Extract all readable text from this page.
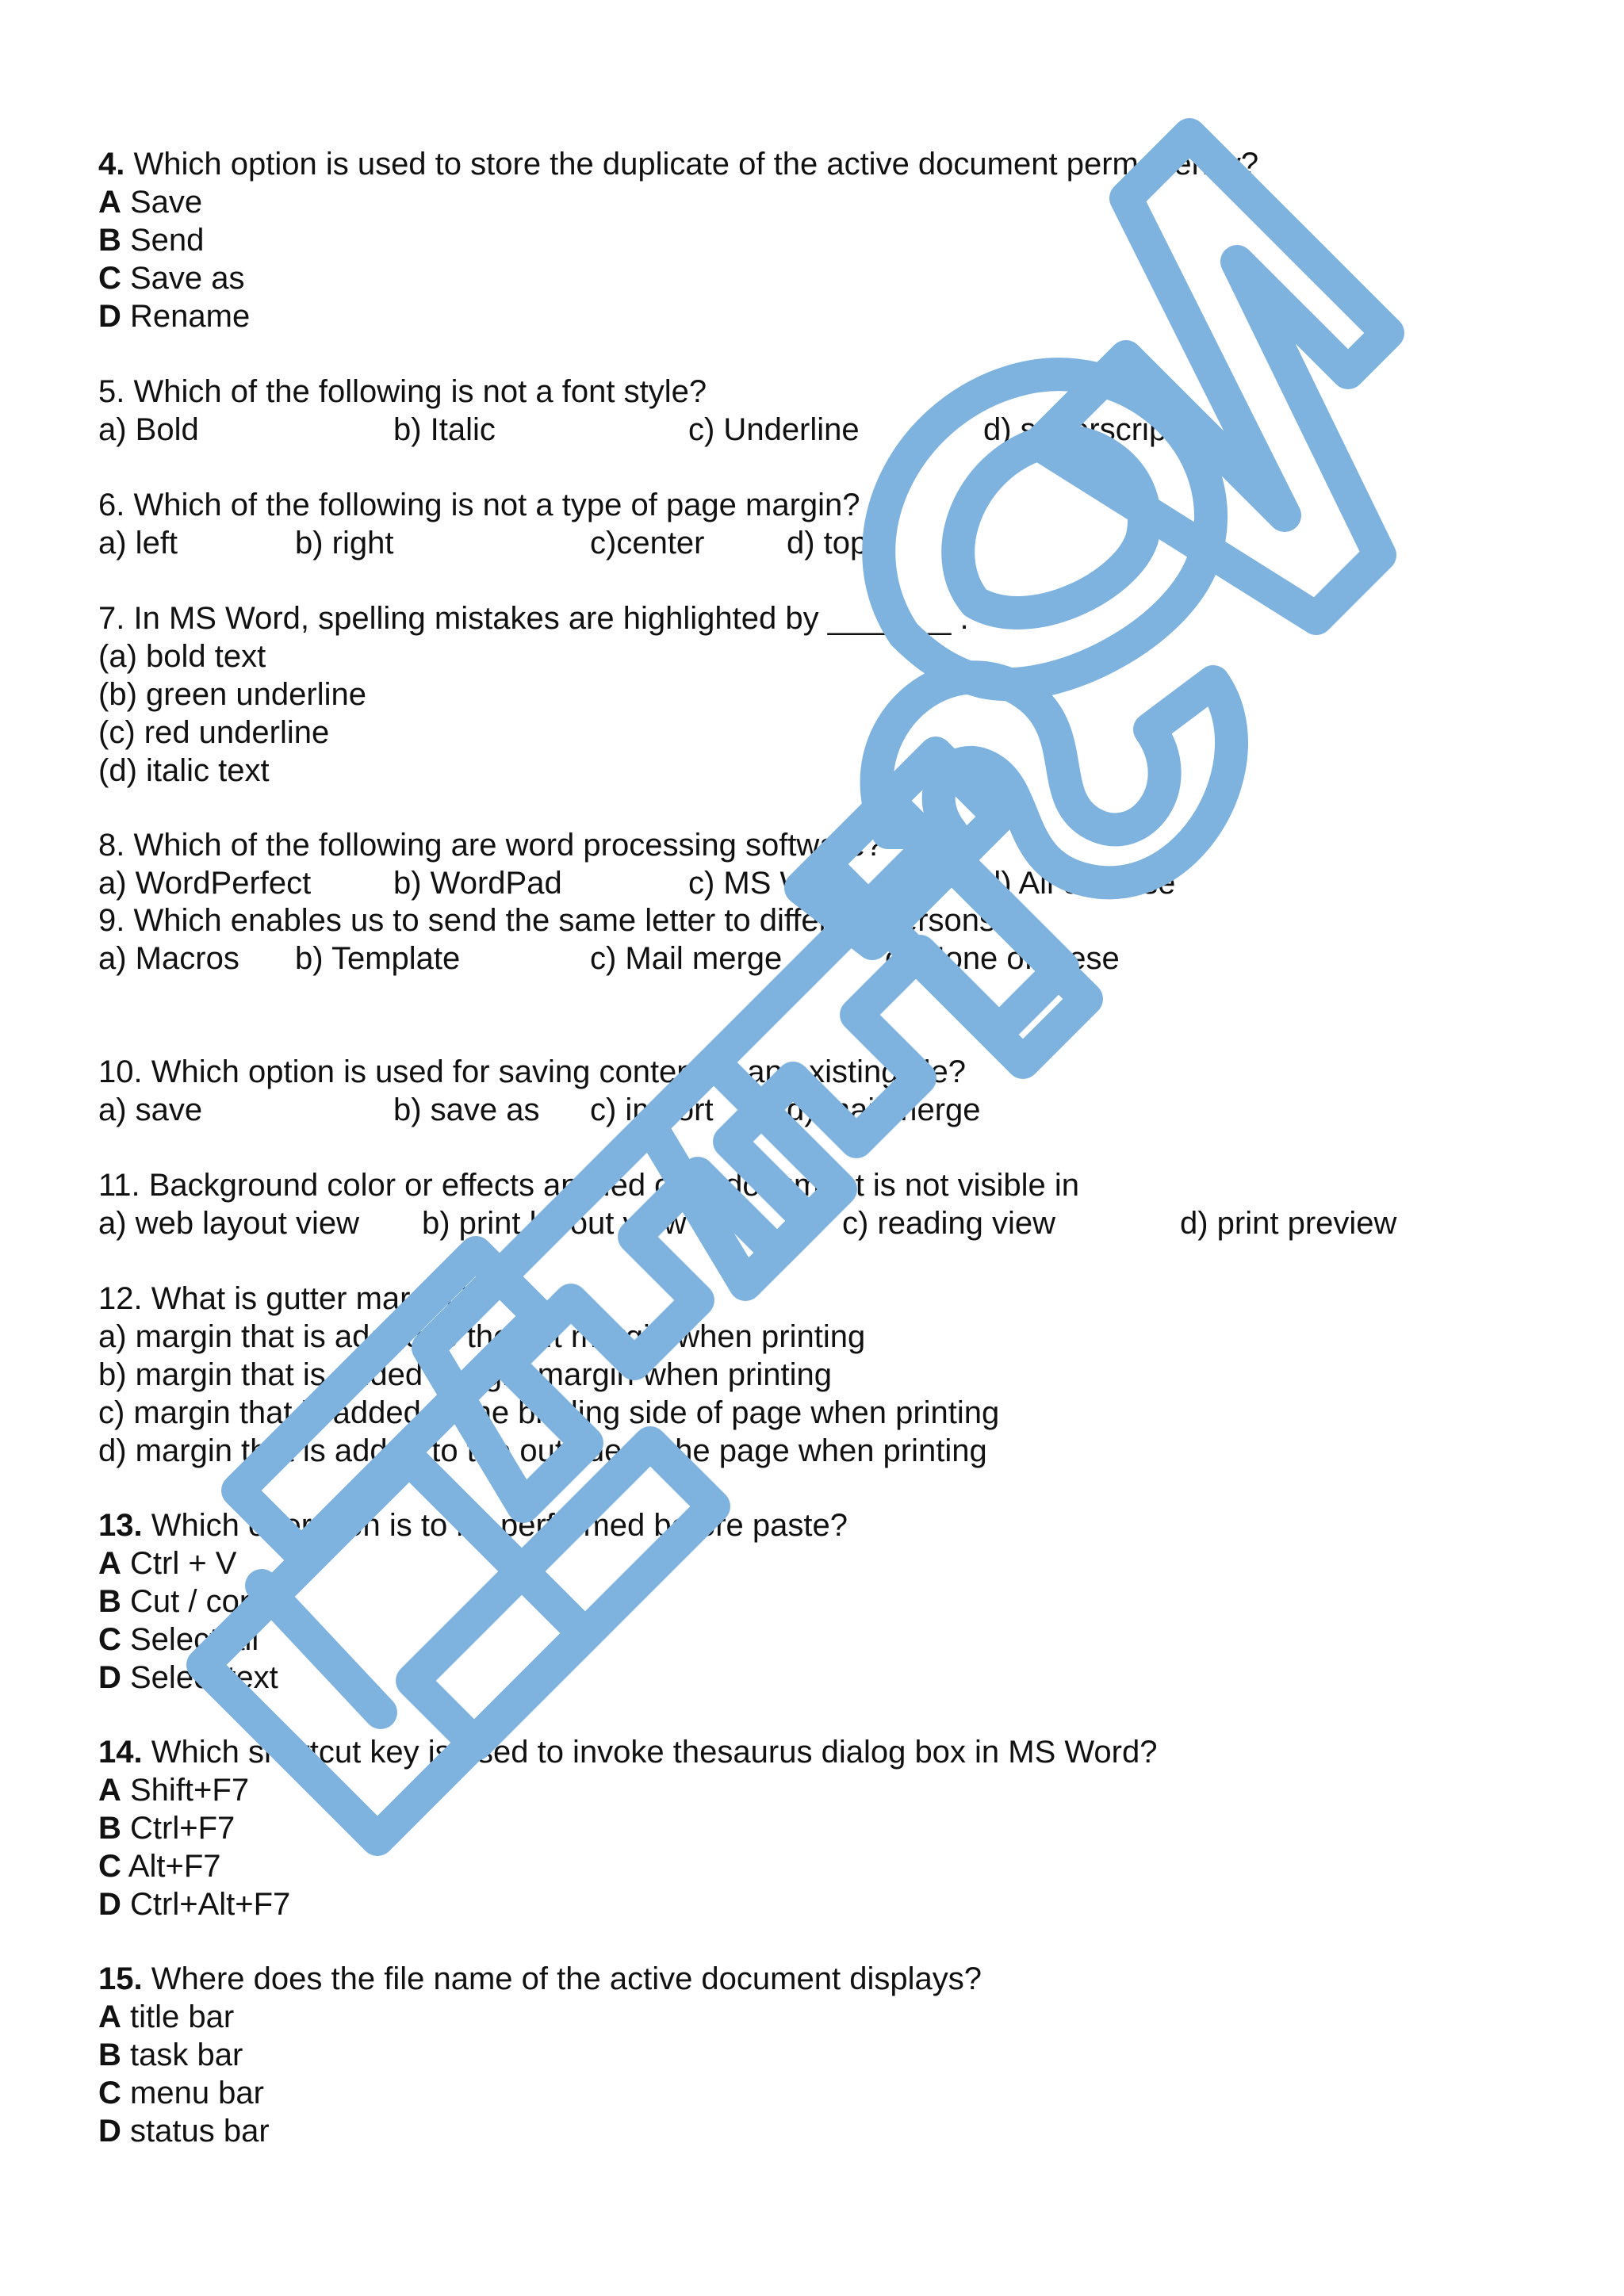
4. Which option is used to store the duplicate of the active document permanently?
A Save
B Send
C Save as
D Rename
5. Which of the following is not a font style?
a) Bold	b) Italic	c) Underline	d) superscript
6. Which of the following is not a type of page margin?
a) left	b) right	c)center	d) top
7. In MS Word, spelling mistakes are highlighted by _______ .
(a) bold text
(b) green underline
(c) red underline
(d) italic text
8. Which of the following are word processing software?
a) WordPerfect	b) WordPad	c) MS Word	d) All of these
9. Which enables us to send the same letter to different persons?
a) Macros b) Template	c) Mail merge	d) None of these
10. Which option is used for saving content to an existing file?
a) save	b) save as c) import d) mail merge
11. Background color or effects applied on a document is not visible in
a) web layout view b) print layout view	c) reading view	d) print preview
12. What is gutter margin?
a) margin that is added to the left margin when printing
b) margin that is added to right margin when printing
c) margin that is added to the binding side of page when printing
d) margin that is added to the outside of the page when printing
13. Which operation is to be performed before paste?
A Ctrl + V
B Cut / copy
C Select all
D Select text
14. Which shortcut key is used to invoke thesaurus dialog box in MS Word?
A Shift+F7
B Ctrl+F7
C Alt+F7
D Ctrl+Alt+F7
15. Where does the file name of the active document displays?
A title bar
B task bar
C menu bar
D status bar
